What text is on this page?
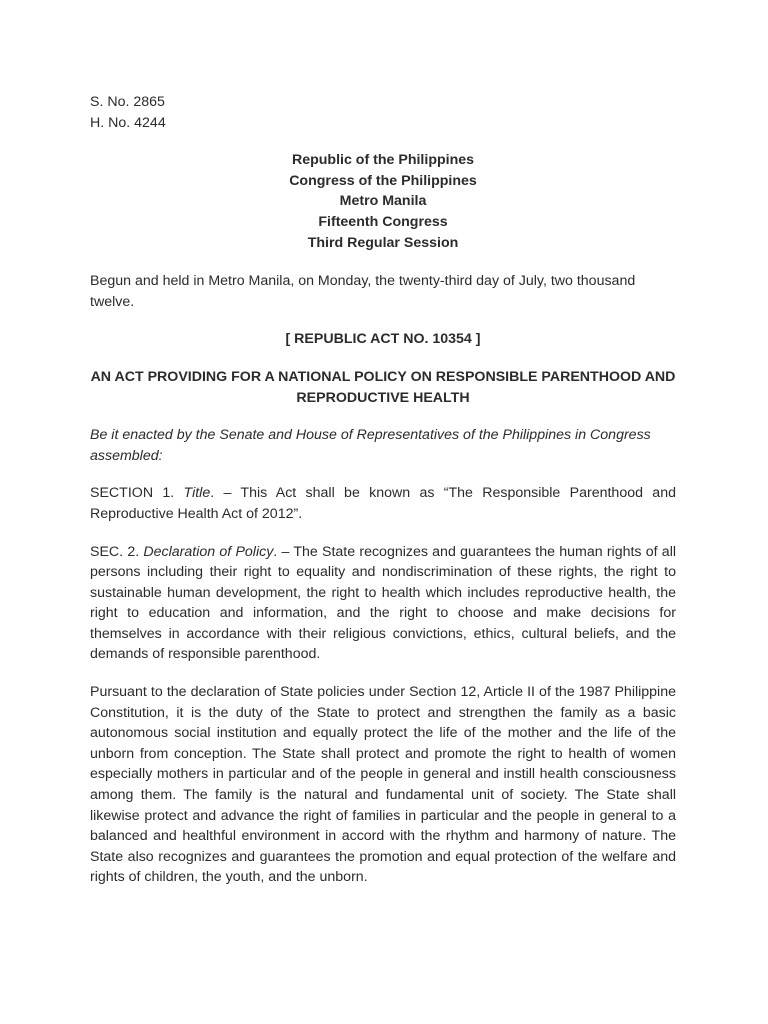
S. No. 2865
H. No. 4244
Republic of the Philippines
Congress of the Philippines
Metro Manila
Fifteenth Congress
Third Regular Session

Begun and held in Metro Manila, on Monday, the twenty-third day of July, two thousand twelve.

[ REPUBLIC ACT NO. 10354 ]
AN ACT PROVIDING FOR A NATIONAL POLICY ON RESPONSIBLE PARENTHOOD AND REPRODUCTIVE HEALTH

Be it enacted by the Senate and House of Representatives of the Philippines in Congress assembled:

SECTION 1. Title. – This Act shall be known as “The Responsible Parenthood and Reproductive Health Act of 2012”.

SEC. 2. Declaration of Policy. – The State recognizes and guarantees the human rights of all persons including their right to equality and nondiscrimination of these rights, the right to sustainable human development, the right to health which includes reproductive health, the right to education and information, and the right to choose and make decisions for themselves in accordance with their religious convictions, ethics, cultural beliefs, and the demands of responsible parenthood.

Pursuant to the declaration of State policies under Section 12, Article II of the 1987 Philippine Constitution, it is the duty of the State to protect and strengthen the family as a basic autonomous social institution and equally protect the life of the mother and the life of the unborn from conception. The State shall protect and promote the right to health of women especially mothers in particular and of the people in general and instill health consciousness among them. The family is the natural and fundamental unit of society. The State shall likewise protect and advance the right of families in particular and the people in general to a balanced and healthful environment in accord with the rhythm and harmony of nature. The State also recognizes and guarantees the promotion and equal protection of the welfare and rights of children, the youth, and the unborn.
